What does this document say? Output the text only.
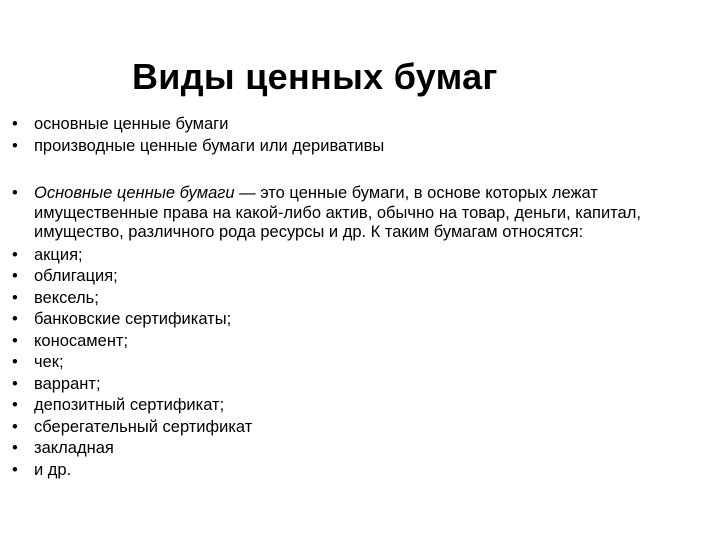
Виды ценных бумаг
• основные ценные бумаги
• производные ценные бумаги или деривативы
• Основные ценные бумаги — это ценные бумаги, в основе которых лежат имущественные права на какой-либо актив, обычно на товар, деньги, капитал, имущество, различного рода ресурсы и др. К таким бумагам относятся:
• акция;
• облигация;
• вексель;
• банковские сертификаты;
• коносамент;
• чек;
• варрант;
• депозитный сертификат;
• сберегательный сертификат
• закладная
• и др.
